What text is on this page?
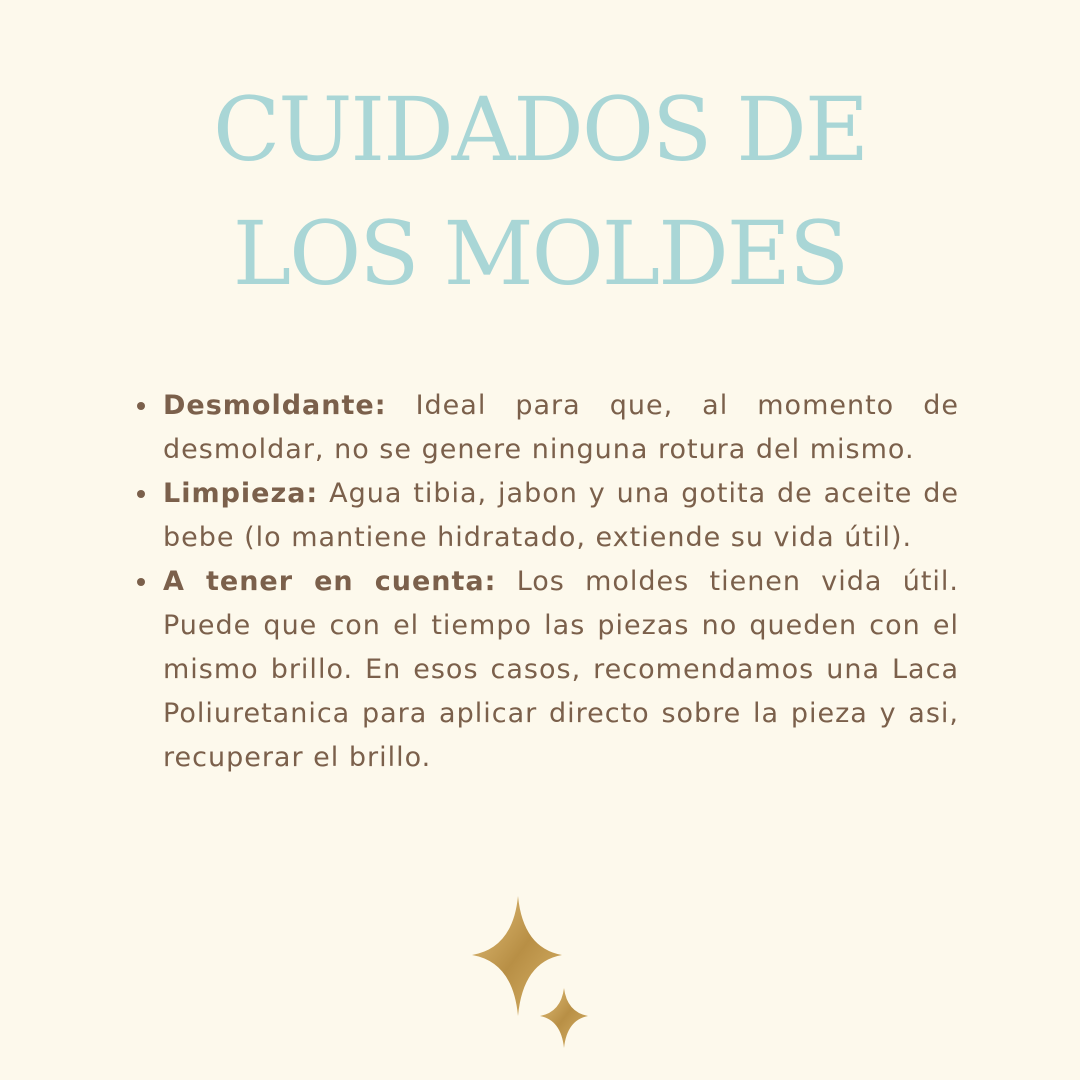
CUIDADOS DE
LOS MOLDES
Desmoldante: Ideal para que, al momento de desmoldar, no se genere ninguna rotura del mismo.
Limpieza: Agua tibia, jabon y una gotita de aceite de bebe (lo mantiene hidratado, extiende su vida útil).
A tener en cuenta: Los moldes tienen vida útil. Puede que con el tiempo las piezas no queden con el mismo brillo. En esos casos, recomendamos una Laca Poliuretanica para aplicar directo sobre la pieza y asi, recuperar el brillo.
